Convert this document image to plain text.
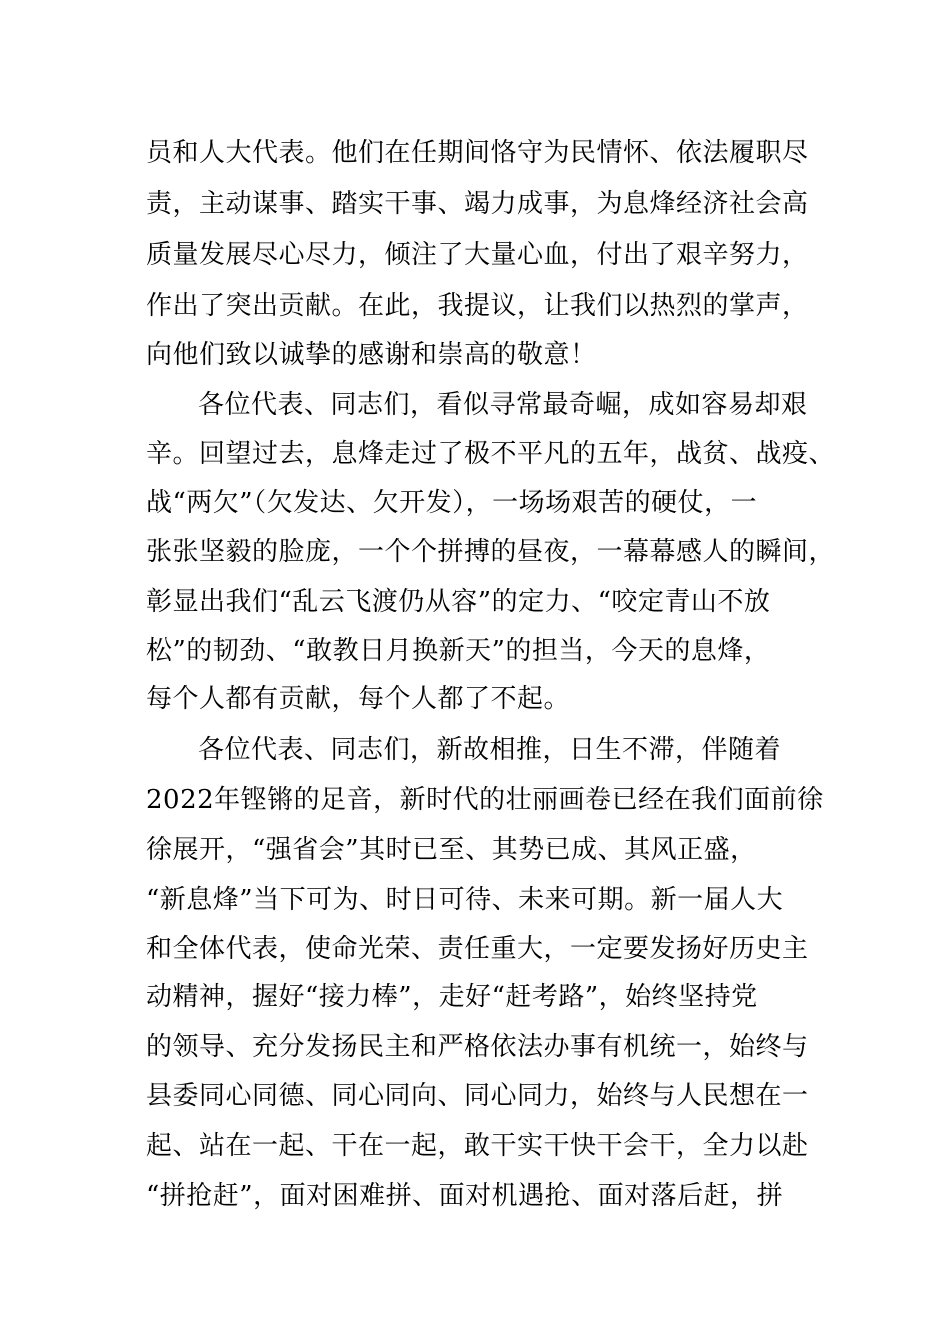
员和人大代表。他们在任期间恪守为民情怀、依法履职尽
责，主动谋事、踏实干事、竭力成事，为息烽经济社会高
质量发展尽心尽力，倾注了大量心血，付出了艰辛努力，
作出了突出贡献。在此，我提议，让我们以热烈的掌声，
向他们致以诚挚的感谢和崇高的敬意！
各位代表、同志们，看似寻常最奇崛，成如容易却艰
辛。回望过去，息烽走过了极不平凡的五年，战贫、战疫、
战“两欠”（欠发达、欠开发），一场场艰苦的硬仗，一
张张坚毅的脸庞，一个个拼搏的昼夜，一幕幕感人的瞬间，
彰显出我们“乱云飞渡仍从容”的定力、“咬定青山不放
松”的韧劲、“敢教日月换新天”的担当，今天的息烽，
每个人都有贡献，每个人都了不起。
各位代表、同志们，新故相推，日生不滞，伴随着
2022年铿锵的足音，新时代的壮丽画卷已经在我们面前徐
徐展开，“强省会”其时已至、其势已成、其风正盛，
“新息烽”当下可为、时日可待、未来可期。新一届人大
和全体代表，使命光荣、责任重大，一定要发扬好历史主
动精神，握好“接力棒”，走好“赶考路”，始终坚持党
的领导、充分发扬民主和严格依法办事有机统一，始终与
县委同心同德、同心同向、同心同力，始终与人民想在一
起、站在一起、干在一起，敢干实干快干会干，全力以赴
“拼抢赶”，面对困难拼、面对机遇抢、面对落后赶，拼
